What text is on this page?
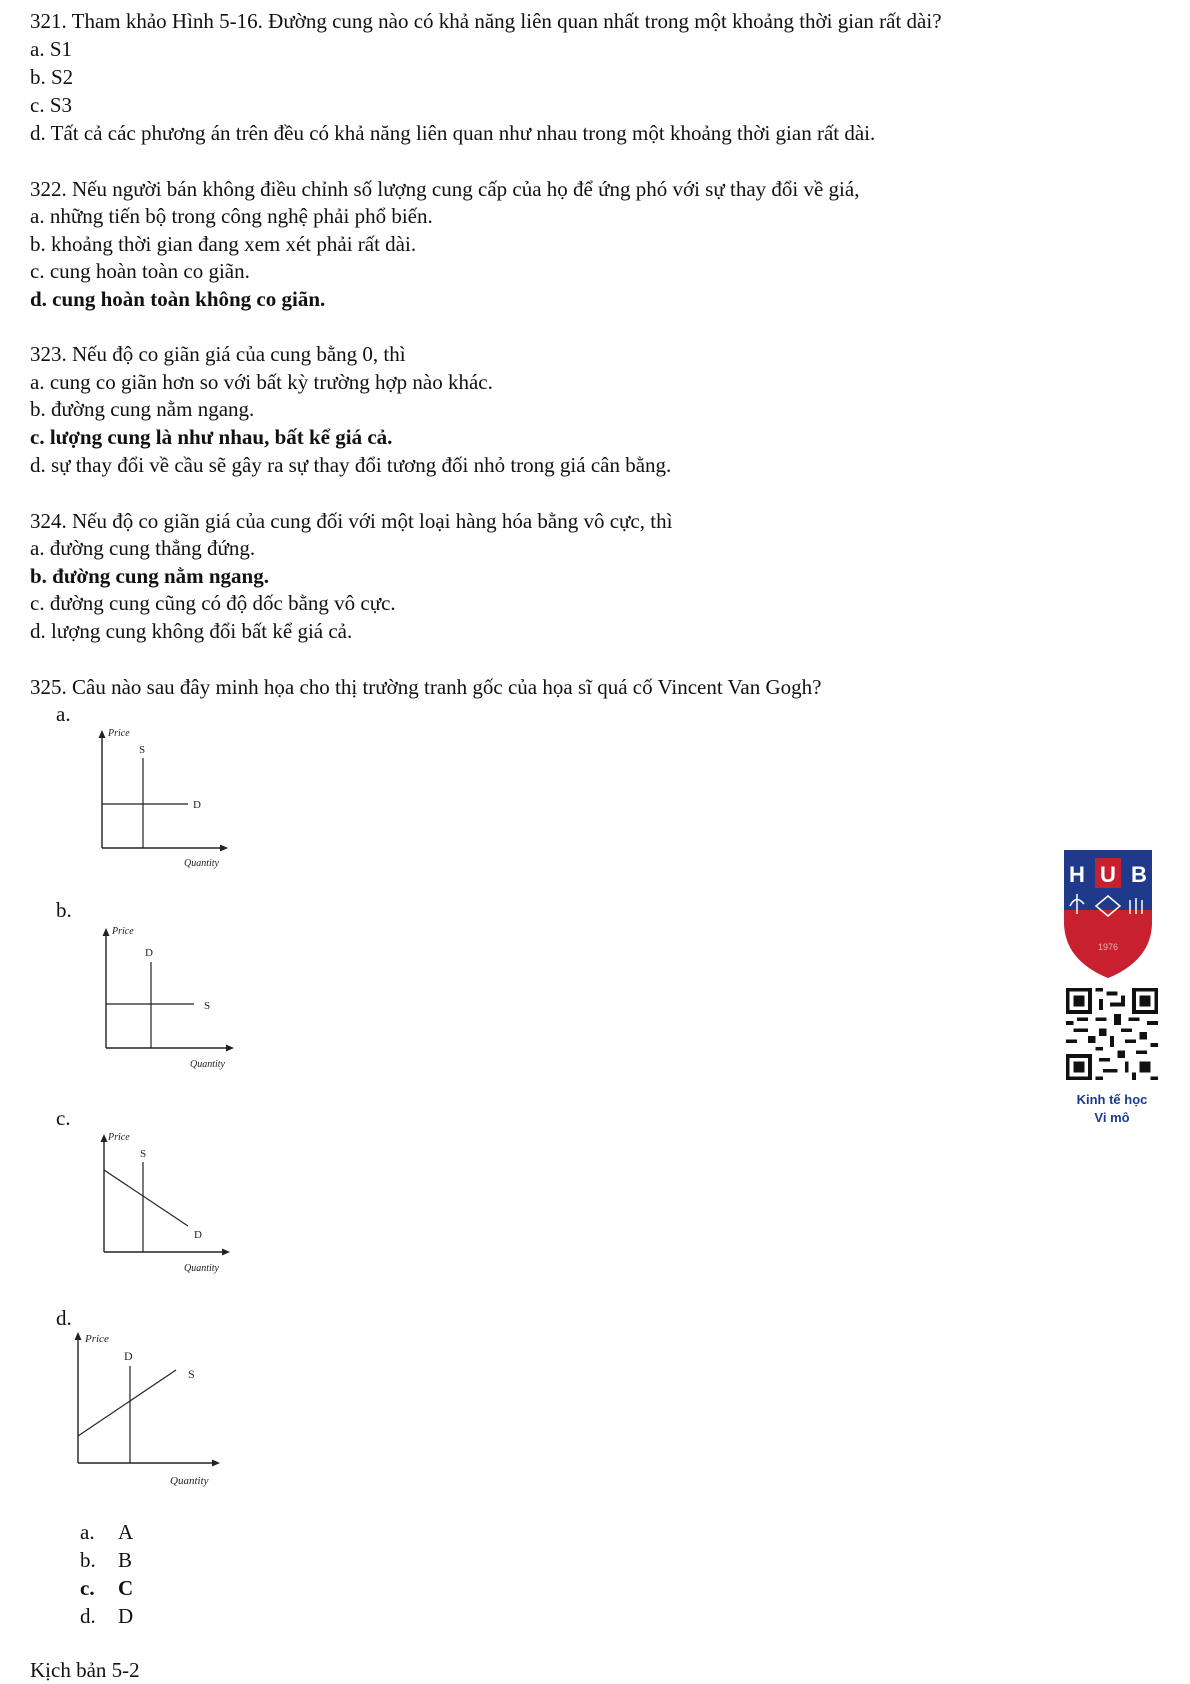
321. Tham khảo Hình 5-16. Đường cung nào có khả năng liên quan nhất trong một khoảng thời gian rất dài?
a. S1
b. S2
c. S3
d. Tất cả các phương án trên đều có khả năng liên quan như nhau trong một khoảng thời gian rất dài.
322. Nếu người bán không điều chỉnh số lượng cung cấp của họ để ứng phó với sự thay đổi về giá,
a. những tiến bộ trong công nghệ phải phổ biến.
b. khoảng thời gian đang xem xét phải rất dài.
c. cung hoàn toàn co giãn.
d. cung hoàn toàn không co giãn.
323. Nếu độ co giãn giá của cung bằng 0, thì
a. cung co giãn hơn so với bất kỳ trường hợp nào khác.
b. đường cung nằm ngang.
c. lượng cung là như nhau, bất kể giá cả.
d. sự thay đổi về cầu sẽ gây ra sự thay đổi tương đối nhỏ trong giá cân bằng.
324. Nếu độ co giãn giá của cung đối với một loại hàng hóa bằng vô cực, thì
a. đường cung thẳng đứng.
b. đường cung nằm ngang.
c. đường cung cũng có độ dốc bằng vô cực.
d. lượng cung không đổi bất kể giá cả.
325. Câu nào sau đây minh họa cho thị trường tranh gốc của họa sĩ quá cố Vincent Van Gogh?
a.
Price
S
D
Quantity
b.
Price
D
S
Quantity
c.
Price
S
D
Quantity
d.
Price
D
S
Quantity
a. A
b. B
c. C
d. D
Kịch bản 5-2
H U B
1976
Kinh tế học
Vi mô
